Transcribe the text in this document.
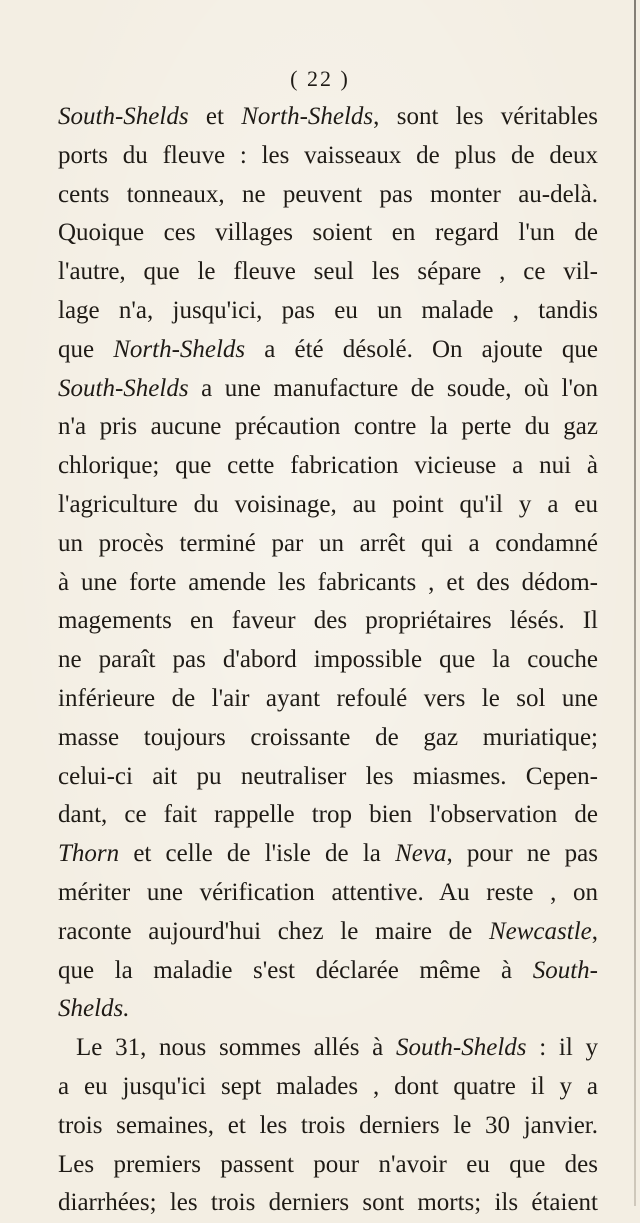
( 22 )
South-Shelds et North-Shelds, sont les véritables
ports du fleuve : les vaisseaux de plus de deux
cents tonneaux, ne peuvent pas monter au-delà.
Quoique ces villages soient en regard l'un de
l'autre, que le fleuve seul les sépare , ce vil-
lage n'a, jusqu'ici, pas eu un malade , tandis
que North-Shelds a été désolé. On ajoute que
South-Shelds a une manufacture de soude, où l'on
n'a pris aucune précaution contre la perte du gaz
chlorique; que cette fabrication vicieuse a nui à
l'agriculture du voisinage, au point qu'il y a eu
un procès terminé par un arrêt qui a condamné
à une forte amende les fabricants , et des dédom-
magements en faveur des propriétaires lésés. Il
ne paraît pas d'abord impossible que la couche
inférieure de l'air ayant refoulé vers le sol une
masse toujours croissante de gaz muriatique;
celui-ci ait pu neutraliser les miasmes. Cepen-
dant, ce fait rappelle trop bien l'observation de
Thorn et celle de l'isle de la Neva, pour ne pas
mériter une vérification attentive. Au reste , on
raconte aujourd'hui chez le maire de Newcastle,
que la maladie s'est déclarée même à South-
Shelds.
Le 31, nous sommes allés à South-Shelds : il y
a eu jusqu'ici sept malades , dont quatre il y a
trois semaines, et les trois derniers le 30 janvier.
Les premiers passent pour n'avoir eu que des
diarrhées; les trois derniers sont morts; ils étaient
